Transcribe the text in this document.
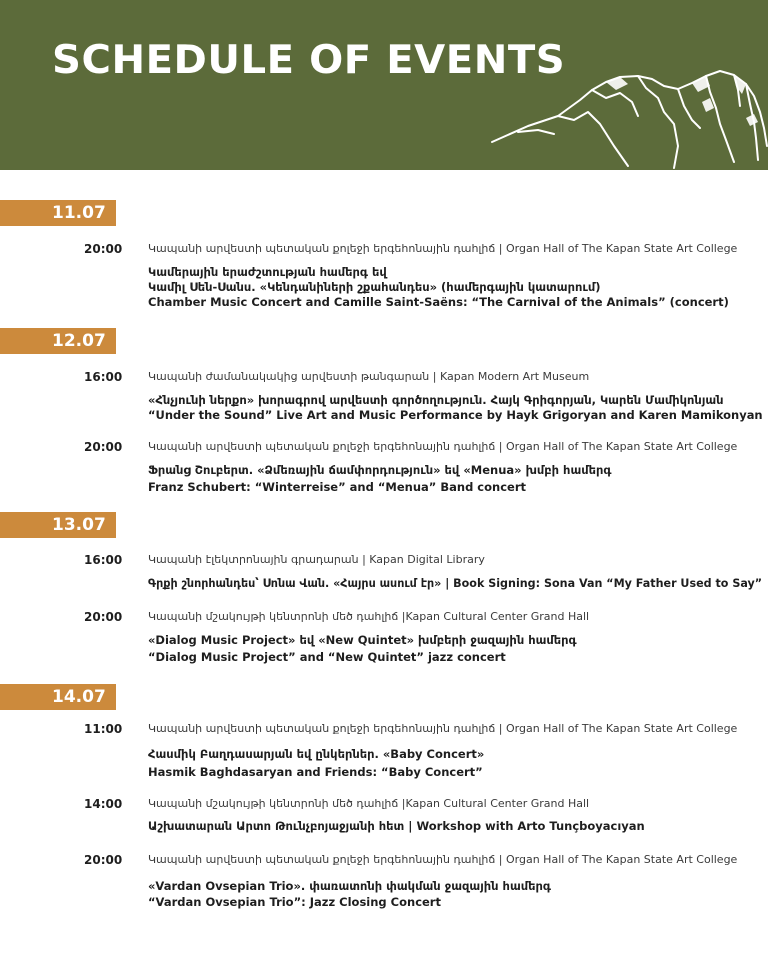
SCHEDULE OF EVENTS
11.07
20:00 Կապանի արվեստի պետական քոլեջի երգեհոնային դահլիճ | Organ Hall of The Kapan State Art College
Կամերային երաժշտության համերգ եվ
Կամիլ Սեն-Սանս. «Կենդանիների շքահանդես» (համերգային կատարում)
Chamber Music Concert and Camille Saint-Saëns: “The Carnival of the Animals” (concert)
12.07
16:00 Կապանի ժամանակակից արվեստի թանգարան | Kapan Modern Art Museum
«Հնչյունի ներքո» խորագրով արվեստի գործողություն. Հայկ Գրիգորյան, Կարեն Մամիկոնյան
“Under the Sound” Live Art and Music Performance by Hayk Grigoryan and Karen Mamikonyan
20:00 Կապանի արվեստի պետական քոլեջի երգեհոնային դահլիճ | Organ Hall of The Kapan State Art College
Ֆրանց Շուբերտ. «Ձմեռային ճամփորդություն» եվ «Menua» խմբի համերգ
Franz Schubert: “Winterreise” and “Menua” Band concert
13.07
16:00 Կապանի էլեկտրոնային գրադարան | Kapan Digital Library
Գրքի շնորհանդես՝ Սոնա Վան. «Հայրս ասում էր» | Book Signing: Sona Van “My Father Used to Say”
20:00 Կապանի մշակույթի կենտրոնի մեծ դահլիճ |Kapan Cultural Center Grand Hall
«Dialog Music Project» եվ «New Quintet» խմբերի ջազային համերգ
“Dialog Music Project” and “New Quintet” jazz concert
14.07
11:00 Կապանի արվեստի պետական քոլեջի երգեհոնային դահլիճ | Organ Hall of The Kapan State Art College
Հասմիկ Բաղդասարյան եվ ընկերներ. «Baby Concert»
Hasmik Baghdasaryan and Friends: “Baby Concert”
14:00 Կապանի մշակույթի կենտրոնի մեծ դահլիճ |Kapan Cultural Center Grand Hall
Աշխատարան Արտո Թունչբոյաջյանի հետ | Workshop with Arto Tunçboyacıyan
20:00 Կապանի արվեստի պետական քոլեջի երգեհոնային դահլիճ | Organ Hall of The Kapan State Art College
«Vardan Ovsepian Trio». փառատոնի փակման ջազային համերգ
“Vardan Ovsepian Trio”: Jazz Closing Concert
